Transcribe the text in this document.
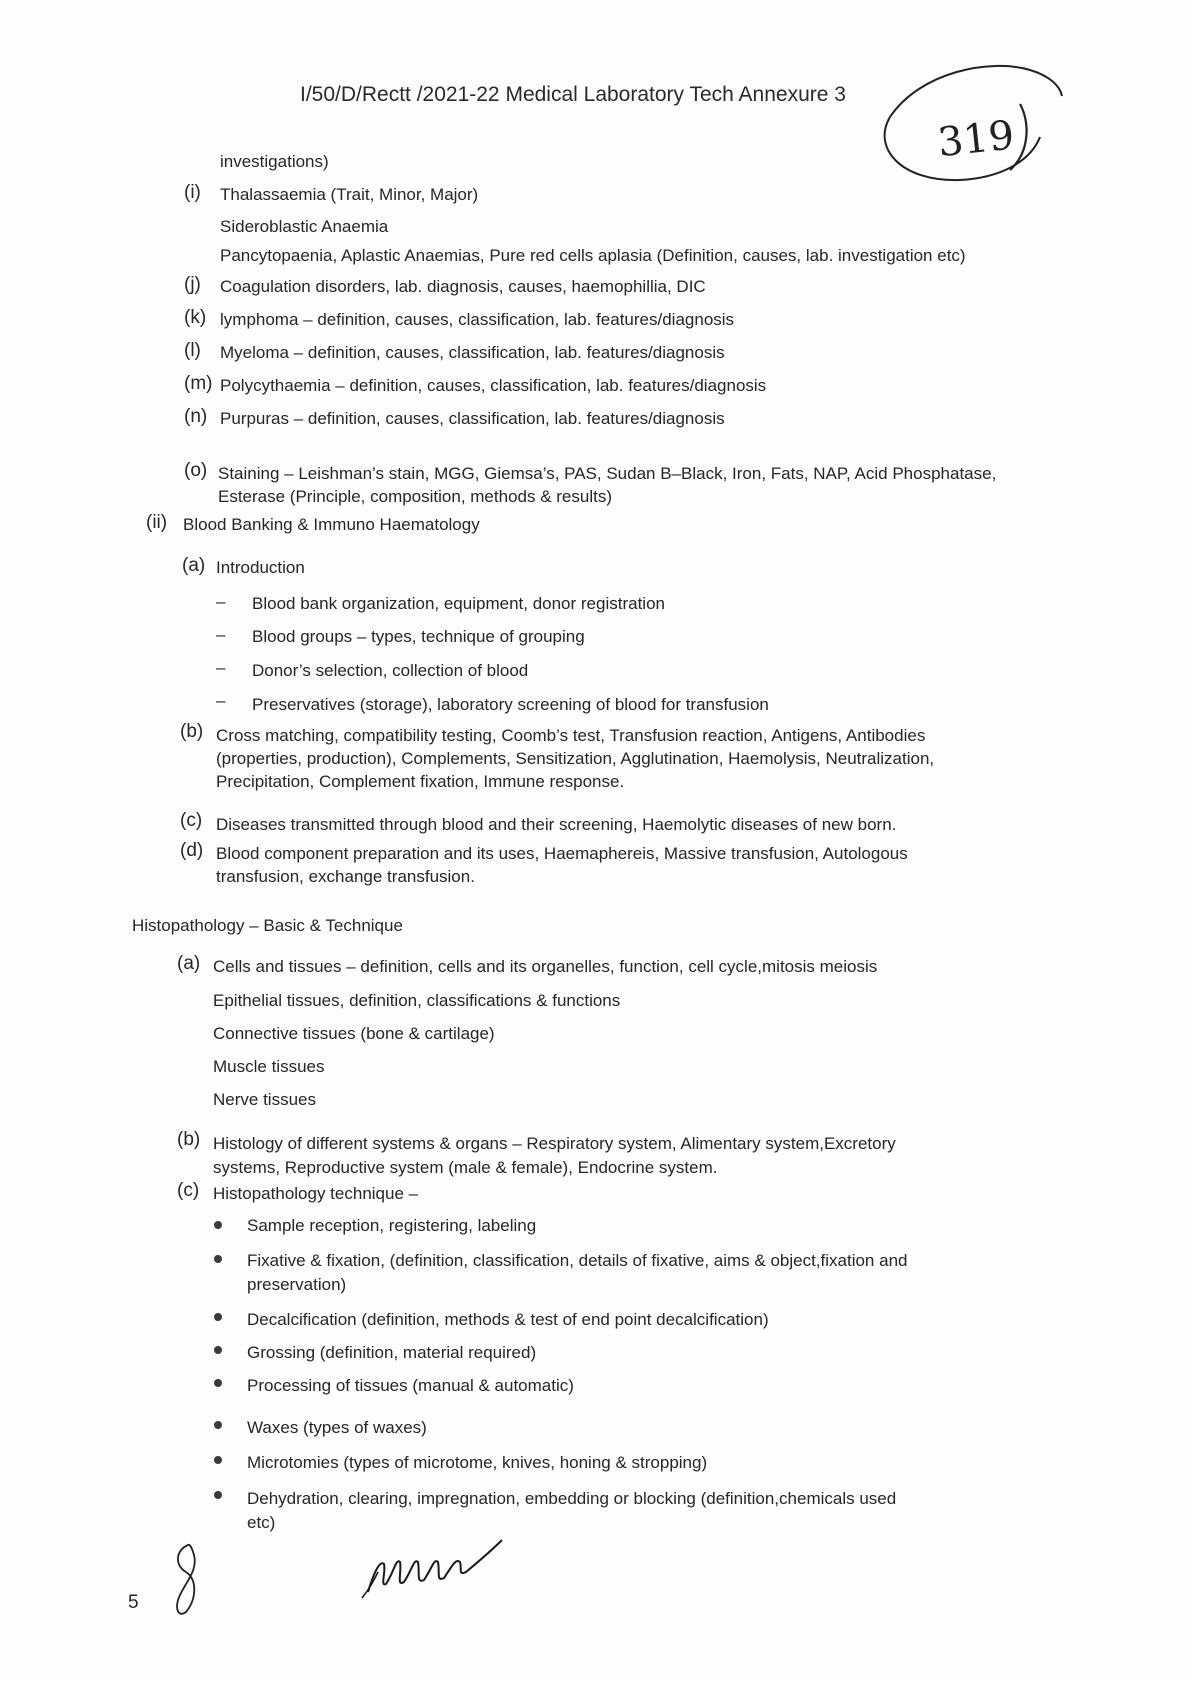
I/50/D/Rectt /2021-22 Medical Laboratory Tech Annexure 3
319
investigations)
(i) Thalassaemia (Trait, Minor, Major)
Sideroblastic Anaemia
Pancytopaenia, Aplastic Anaemias, Pure red cells aplasia (Definition, causes, lab. investigation etc)
(j) Coagulation disorders, lab. diagnosis, causes, haemophillia, DIC
(k) lymphoma – definition, causes, classification, lab. features/diagnosis
(l) Myeloma – definition, causes, classification, lab. features/diagnosis
(m) Polycythaemia – definition, causes, classification, lab. features/diagnosis
(n) Purpuras – definition, causes, classification, lab. features/diagnosis
(o) Staining – Leishman’s stain, MGG, Giemsa’s, PAS, Sudan B–Black, Iron, Fats, NAP, Acid Phosphatase,
Esterase (Principle, composition, methods & results)
(ii) Blood Banking & Immuno Haematology
(a) Introduction
– Blood bank organization, equipment, donor registration
– Blood groups – types, technique of grouping
– Donor’s selection, collection of blood
– Preservatives (storage), laboratory screening of blood for transfusion
(b) Cross matching, compatibility testing, Coomb’s test, Transfusion reaction, Antigens, Antibodies
(properties, production), Complements, Sensitization, Agglutination, Haemolysis, Neutralization,
Precipitation, Complement fixation, Immune response.
(c) Diseases transmitted through blood and their screening, Haemolytic diseases of new born.
(d) Blood component preparation and its uses, Haemaphereis, Massive transfusion, Autologous
transfusion, exchange transfusion.
Histopathology – Basic & Technique
(a) Cells and tissues – definition, cells and its organelles, function, cell cycle,mitosis meiosis
Epithelial tissues, definition, classifications & functions
Connective tissues (bone & cartilage)
Muscle tissues
Nerve tissues
(b) Histology of different systems & organs – Respiratory system, Alimentary system,Excretory
systems, Reproductive system (male & female), Endocrine system.
(c) Histopathology technique –
Sample reception, registering, labeling
Fixative & fixation, (definition, classification, details of fixative, aims & object,fixation and
preservation)
Decalcification (definition, methods & test of end point decalcification)
Grossing (definition, material required)
Processing of tissues (manual & automatic)
Waxes (types of waxes)
Microtomies (types of microtome, knives, honing & stropping)
Dehydration, clearing, impregnation, embedding or blocking (definition,chemicals used
etc)
5
